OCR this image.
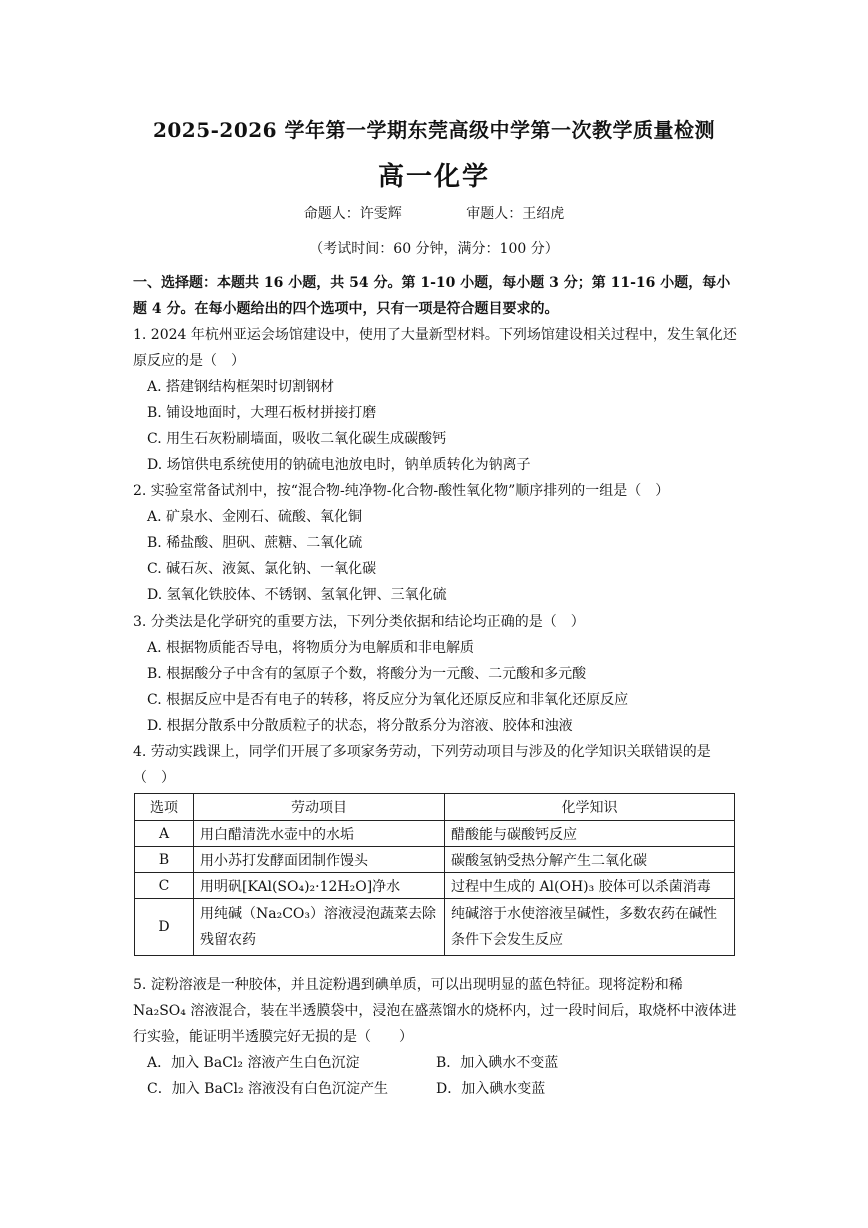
2025-2026 学年第一学期东莞高级中学第一次教学质量检测
高一化学
命题人：许雯辉	审题人：王绍虎
（考试时间：60 分钟，满分：100 分）
一、选择题：本题共 16 小题，共 54 分。第 1-10 小题，每小题 3 分；第 11-16 小题，每小题 4 分。在每小题给出的四个选项中，只有一项是符合题目要求的。
1. 2024 年杭州亚运会场馆建设中，使用了大量新型材料。下列场馆建设相关过程中，发生氧化还原反应的是（　）
A. 搭建钢结构框架时切割钢材
B. 铺设地面时，大理石板材拼接打磨
C. 用生石灰粉刷墙面，吸收二氧化碳生成碳酸钙
D. 场馆供电系统使用的钠硫电池放电时，钠单质转化为钠离子
2. 实验室常备试剂中，按“混合物-纯净物-化合物-酸性氧化物”顺序排列的一组是（　）
A. 矿泉水、金刚石、硫酸、氧化铜
B. 稀盐酸、胆矾、蔗糖、二氧化硫
C. 碱石灰、液氮、氯化钠、一氧化碳
D. 氢氧化铁胶体、不锈钢、氢氧化钾、三氧化硫
3. 分类法是化学研究的重要方法，下列分类依据和结论均正确的是（　）
A. 根据物质能否导电，将物质分为电解质和非电解质
B. 根据酸分子中含有的氢原子个数，将酸分为一元酸、二元酸和多元酸
C. 根据反应中是否有电子的转移，将反应分为氧化还原反应和非氧化还原反应
D. 根据分散系中分散质粒子的状态，将分散系分为溶液、胶体和浊液
4. 劳动实践课上，同学们开展了多项家务劳动，下列劳动项目与涉及的化学知识关联错误的是（　）
选项	劳动项目	化学知识
A	用白醋清洗水壶中的水垢	醋酸能与碳酸钙反应
B	用小苏打发酵面团制作馒头	碳酸氢钠受热分解产生二氧化碳
C	用明矾[KAl(SO₄)₂·12H₂O]净水	过程中生成的 Al(OH)₃ 胶体可以杀菌消毒
D	用纯碱（Na₂CO₃）溶液浸泡蔬菜去除残留农药	纯碱溶于水使溶液呈碱性，多数农药在碱性条件下会发生反应
5. 淀粉溶液是一种胶体，并且淀粉遇到碘单质，可以出现明显的蓝色特征。现将淀粉和稀 Na₂SO₄ 溶液混合，装在半透膜袋中，浸泡在盛蒸馏水的烧杯内，过一段时间后，取烧杯中液体进行实验，能证明半透膜完好无损的是（　　）
A．加入 BaCl₂ 溶液产生白色沉淀	B．加入碘水不变蓝
C．加入 BaCl₂ 溶液没有白色沉淀产生	D．加入碘水变蓝
